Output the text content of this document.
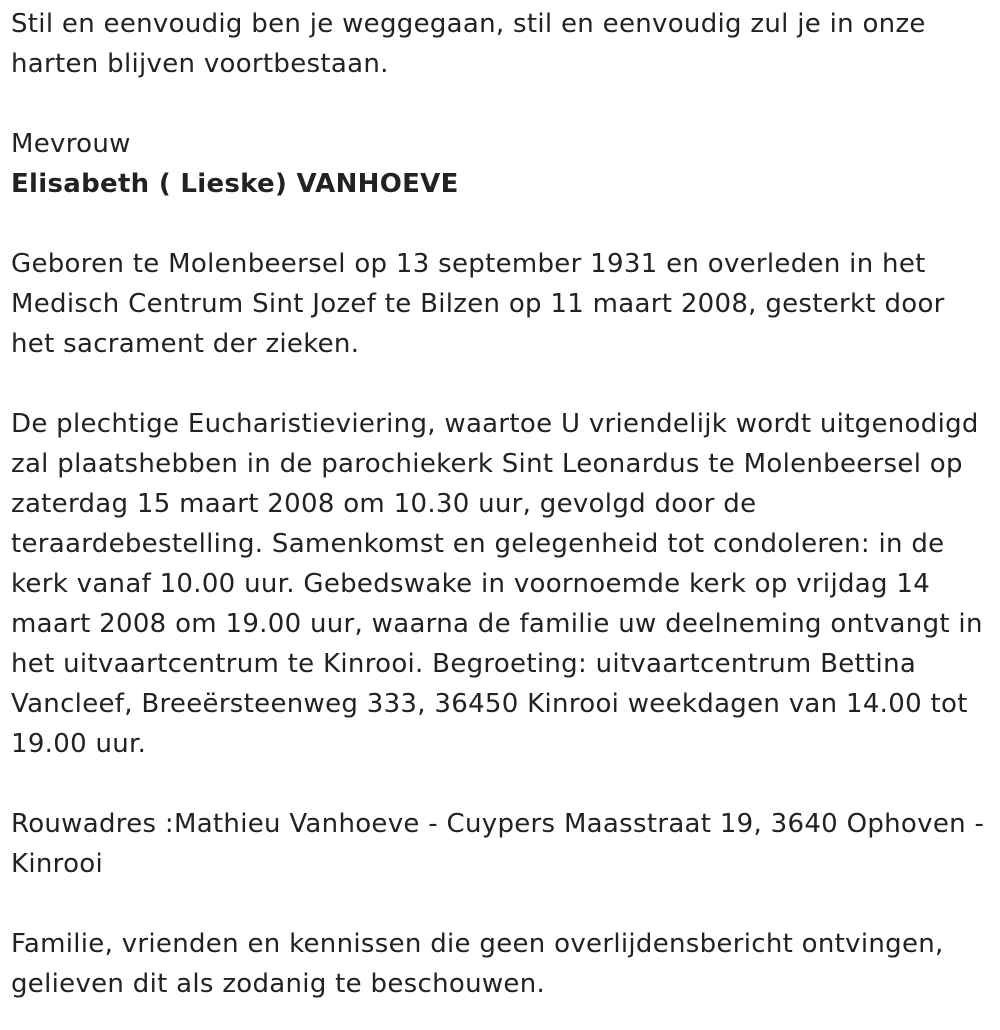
Stil en eenvoudig ben je weggegaan, stil en eenvoudig zul je in onze harten blijven voortbestaan.

Mevrouw

Elisabeth ( Lieske) VANHOEVE

Geboren te Molenbeersel op 13 september 1931 en overleden in het Medisch Centrum Sint Jozef te Bilzen op 11 maart 2008, gesterkt door het sacrament der zieken.

De plechtige Eucharistieviering, waartoe U vriendelijk wordt uitgenodigd zal plaatshebben in de parochiekerk Sint Leonardus te Molenbeersel op zaterdag 15 maart 2008 om 10.30 uur, gevolgd door de teraardebestelling. Samenkomst en gelegenheid tot condoleren: in de kerk vanaf 10.00 uur. Gebedswake in voornoemde kerk op vrijdag 14 maart 2008 om 19.00 uur, waarna de familie uw deelneming ontvangt in het uitvaartcentrum te Kinrooi. Begroeting: uitvaartcentrum Bettina Vancleef, Breeërsteenweg 333, 36450 Kinrooi weekdagen van 14.00 tot 19.00 uur.

Rouwadres :Mathieu Vanhoeve - Cuypers Maasstraat 19, 3640 Ophoven - Kinrooi

Familie, vrienden en kennissen die geen overlijdensbericht ontvingen, gelieven dit als zodanig te beschouwen.
